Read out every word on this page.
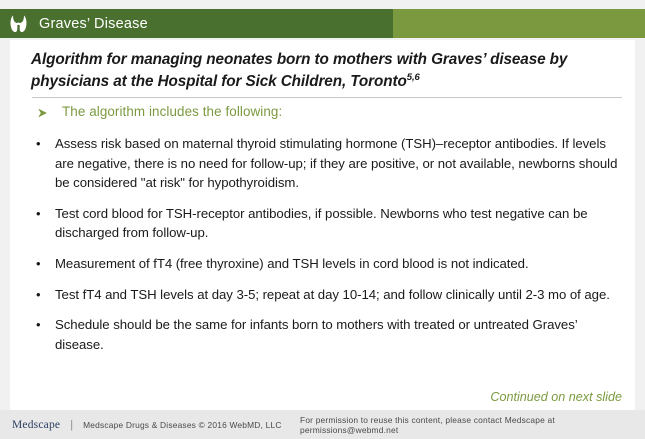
Graves’ Disease
Algorithm for managing neonates born to mothers with Graves’ disease by physicians at the Hospital for Sick Children, Toronto$^{5,6}$
The algorithm includes the following:
•	Assess risk based on maternal thyroid stimulating hormone (TSH)–receptor antibodies. If levels are negative, there is no need for follow-up; if they are positive, or not available, newborns should be considered "at risk" for hypothyroidism.
•	Test cord blood for TSH-receptor antibodies, if possible. Newborns who test negative can be discharged from follow-up.
•	Measurement of fT4 (free thyroxine) and TSH levels in cord blood is not indicated.
•	Test fT4 and TSH levels at day 3-5; repeat at day 10-14; and follow clinically until 2-3 mo of age.
•	Schedule should be the same for infants born to mothers with treated or untreated Graves’ disease.
Continued on next slide
Medscape | Medscape Drugs & Diseases © 2016 WebMD, LLC For permission to reuse this content, please contact Medscape at permissions@webmd.net
